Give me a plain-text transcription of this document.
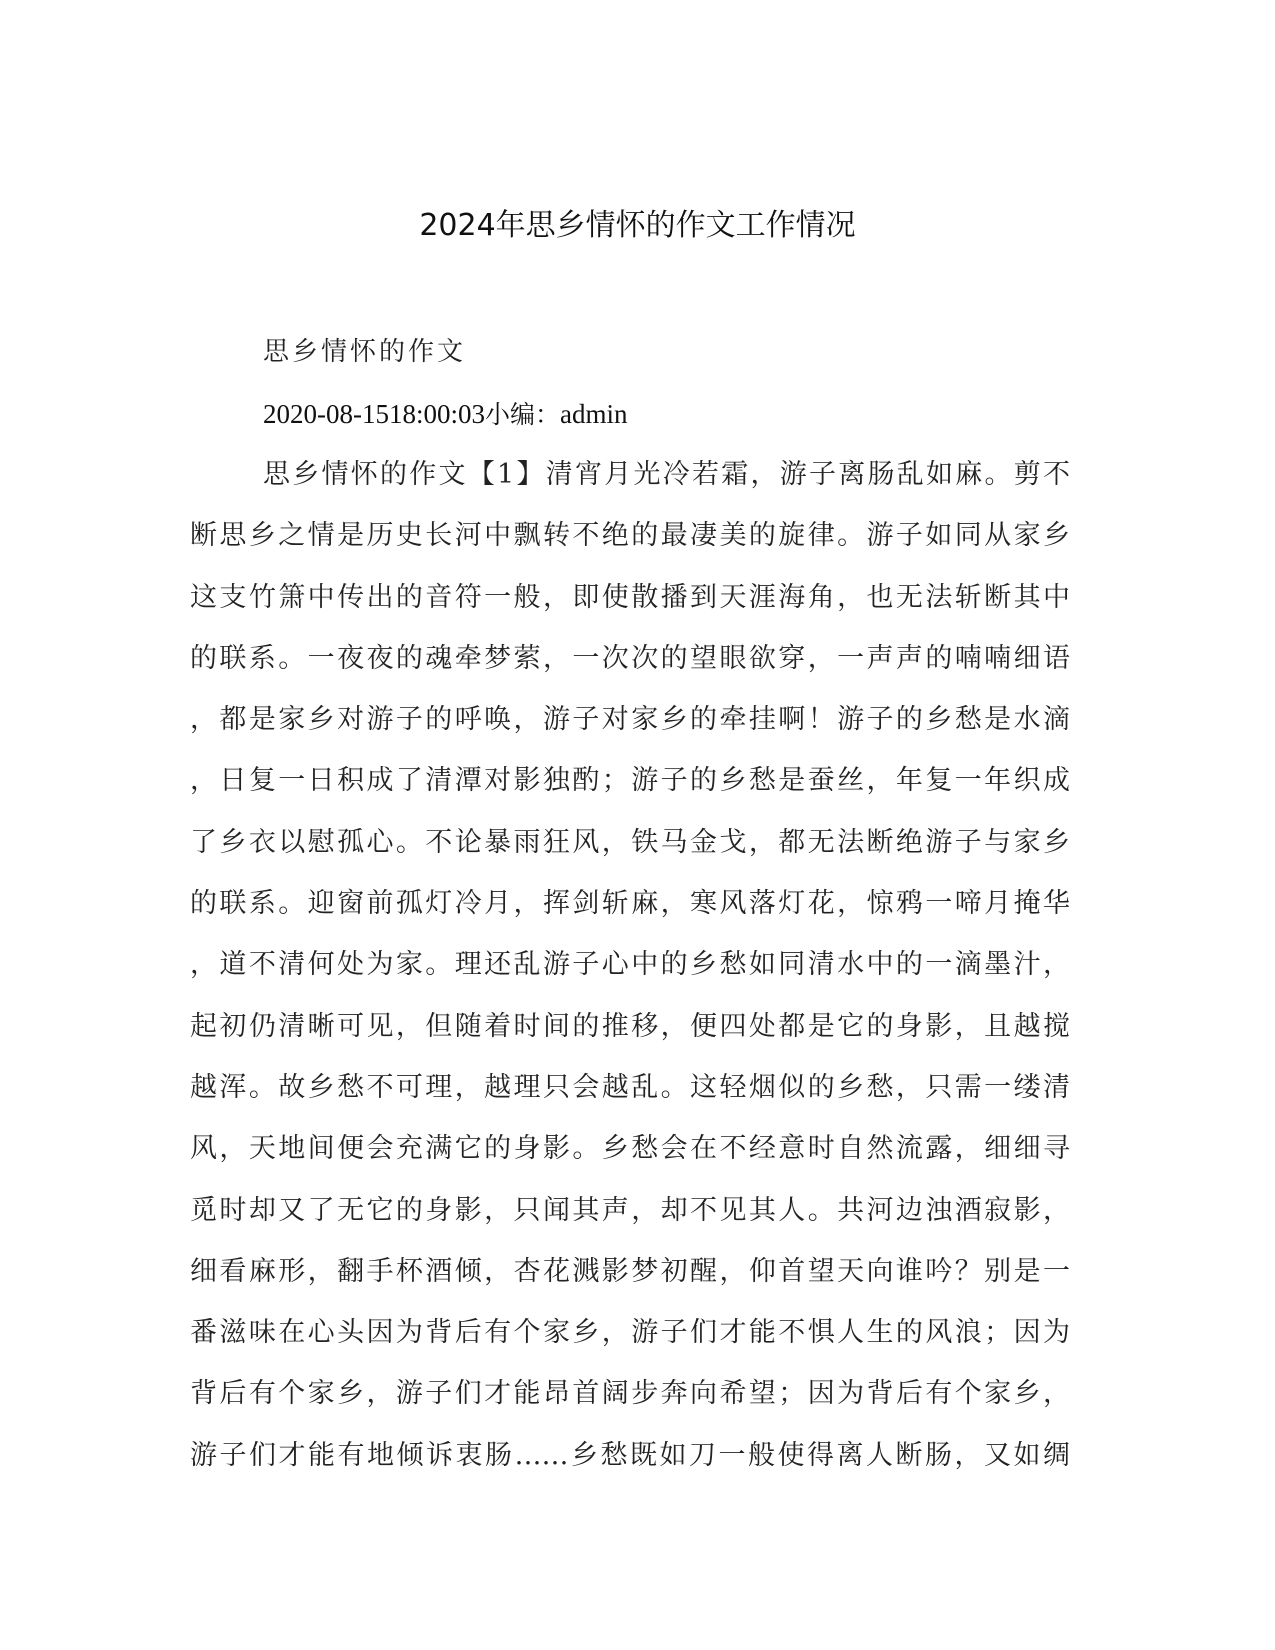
2024年思乡情怀的作文工作情况
思乡情怀的作文
2020-08-1518:00:03小编：admin
思乡情怀的作文【1】清宵月光冷若霜，游子离肠乱如麻。剪不
断思乡之情是历史长河中飘转不绝的最凄美的旋律。游子如同从家乡
这支竹箫中传出的音符一般，即使散播到天涯海角，也无法斩断其中
的联系。一夜夜的魂牵梦萦，一次次的望眼欲穿，一声声的喃喃细语
，都是家乡对游子的呼唤，游子对家乡的牵挂啊！游子的乡愁是水滴
，日复一日积成了清潭对影独酌；游子的乡愁是蚕丝，年复一年织成
了乡衣以慰孤心。不论暴雨狂风，铁马金戈，都无法断绝游子与家乡
的联系。迎窗前孤灯冷月，挥剑斩麻，寒风落灯花，惊鸦一啼月掩华
，道不清何处为家。理还乱游子心中的乡愁如同清水中的一滴墨汁，
起初仍清晰可见，但随着时间的推移，便四处都是它的身影，且越搅
越浑。故乡愁不可理，越理只会越乱。这轻烟似的乡愁，只需一缕清
风，天地间便会充满它的身影。乡愁会在不经意时自然流露，细细寻
觅时却又了无它的身影，只闻其声，却不见其人。共河边浊酒寂影，
细看麻形，翻手杯酒倾，杏花溅影梦初醒，仰首望天向谁吟？别是一
番滋味在心头因为背后有个家乡，游子们才能不惧人生的风浪；因为
背后有个家乡，游子们才能昂首阔步奔向希望；因为背后有个家乡，
游子们才能有地倾诉衷肠……乡愁既如刀一般使得离人断肠，又如绸
